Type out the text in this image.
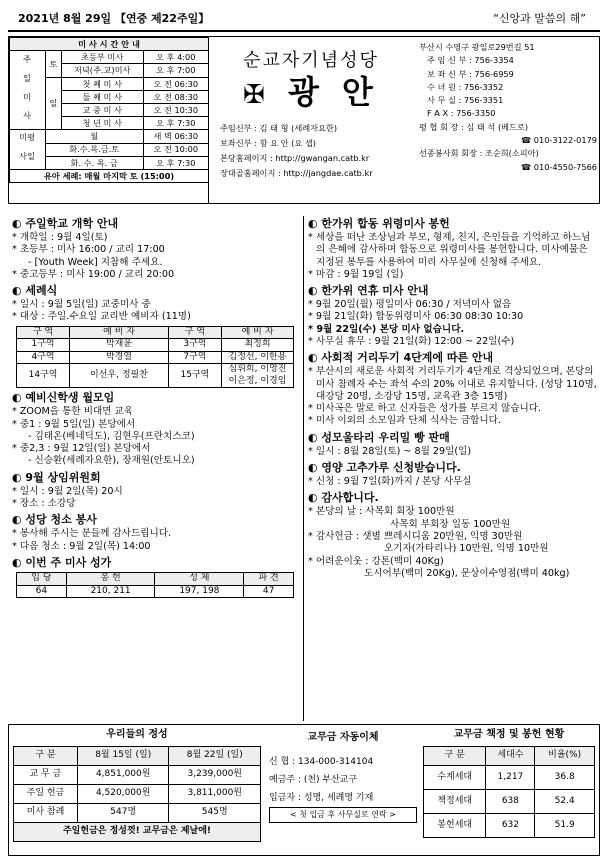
2021년 8월 29일 【연중 제22주일】	“신앙과 말씀의 해”
미 사 시 간 안 내			
주 일 미 사	토	초등부 미사	오 후 4:00
		저녁(주.교)미사	오 후 7:00
	일	첫 째 미 사	오 전 06:30
		둘 째 미 사	오 전 08:30
		교 중 미 사	오 전 10:30
		청 년 미 사	오 후 7:30
평 일 미 사	월		새 벽 06:30
	화.수.목.금.토		오 전 10:00
	화. 수. 목. 금		오 후 7:30
유아 세례: 매월 마지막 토 (15:00)			
순교자기념성당
✠ 광 안
주임신부 : 김 태 형 (세례자요한)
보좌신부 : 함 요 안 (요 셉)
본당홈페이지 : http://gwangan.catb.kr
장대골홈페이지 : http://jangdae.catb.kr
부산시 수영구 광일로29번길 51
주 임 신 부 : 756-3354
보 좌 신 부 : 756-6959
수 녀 원 : 756-3352
사 무 실 : 756-3351
F A X : 756-3350
평 협 회 장 : 심 태 석 (베드로)
☎ 010-3122-0179
선종봉사회 회장 : 조순희(소피아)
☎ 010-4550-7566
◐ 주일학교 개학 안내
* 개학일 : 9월 4일(토)
* 초등부 : 미사 16:00 / 교리 17:00
- [Youth Week] 지참해 주세요.
* 중고등부 : 미사 19:00 / 교리 20:00
◐ 세례식
* 일시 : 9월 5일(일) 교중미사 중
* 대상 : 주일.수요일 교리반 예비자 (11명)
구 역	예 비 자	구 역	예 비 자
1구역	박재윤	3구역	최정희
4구역	박경열	7구역	김정선, 이한용
14구역	이선우, 정필찬	15구역	심휘희, 이영진 이은정, 이경임
◐ 예비신학생 월모임
* ZOOM을 통한 비대면 교육
* 중1 : 9월 5일(일) 본당에서
- 김태온(베네딕도), 김현우(프란치스코)
* 중2,3 : 9월 12일(일) 본당에서
- 신승환(세례자요한), 장재원(안토니오)
◐ 9월 상임위원회
* 일시 : 9월 2일(목) 20시
* 장소 : 소강당
◐ 성당 청소 봉사
* 봉사해 주시는 분들께 감사드립니다.
* 다음 청소 : 9월 2일(목) 14:00
◐ 이번 주 미사 성가
입 당	봉 헌	성 체	파 견
64	210, 211	197, 198	47
◐ 한가위 합동 위령미사 봉헌
* 세상을 떠난 조상님과 부모, 형제, 친지, 은인들을 기억하고 하느님의 은혜에 감사하며 합동으로 위령미사를 봉헌합니다. 미사예물은 지정된 봉투를 사용하여 미리 사무실에 신청해 주세요.
* 마감 : 9월 19일 (일)
◐ 한가위 연휴 미사 안내
* 9월 20일(월) 평일미사 06:30 / 저녁미사 없음
* 9월 21일(화) 합동위령미사 06:30 08:30 10:30
* 9월 22일(수) 본당 미사 없습니다.
* 사무실 휴무 : 9월 21일(화) 12:00 ~ 22일(수)
◐ 사회적 거리두기 4단계에 따른 안내
* 부산시의 새로운 사회적 거리두기가 4단계로 격상되었으며, 본당의 미사 참례자 수는 좌석 수의 20% 이내로 유지합니다. (성당 110명, 대강당 20명, 소강당 15명, 교육관 3층 15명)
* 미사곡은 말로 하고 신자들은 성가를 부르지 않습니다.
* 미사 이외의 소모임과 단체 식사는 금합니다.
◐ 성모울타리 우리밀 빵 판매
* 일시 : 8월 28일(토) ~ 8월 29일(일)
◐ 영양 고추가루 신청받습니다.
* 신청 : 9월 7일(화)까지 / 본당 사무실
◐ 감사합니다.
* 본당의 날 : 사목회 회장 100만원
사목회 부회장 일동 100만원
* 감사헌금 : 샛별 쁘레시디움 20만원, 익명 30만원
오기자(가타리나) 10만원, 익명 10만원
* 어려운이웃 : 강톤(백미 40Kg)
도시어부(백미 20Kg), 문상이수영점(백미 40kg)
우리들의 정성
구 분	8월 15일 (일)	8월 22일 (일)
교 무 금	4,851,000원	3,239,000원
주일 헌금	4,520,000원	3,811,000원
미사 참례	547명	545명
주일헌금은 정성껏! 교무금은 제날에!		
교무금 자동이체
신 협 : 134-000-314104
예금주 : (천) 부산교구
입금자 : 성명, 세례명 기재
< 첫 입금 후 사무실로 연락 >
교무금 책정 및 봉헌 현황
구 분	세대수	비율(%)
수계세대	1,217	36.8
책정세대	638	52.4
봉헌세대	632	51.9
